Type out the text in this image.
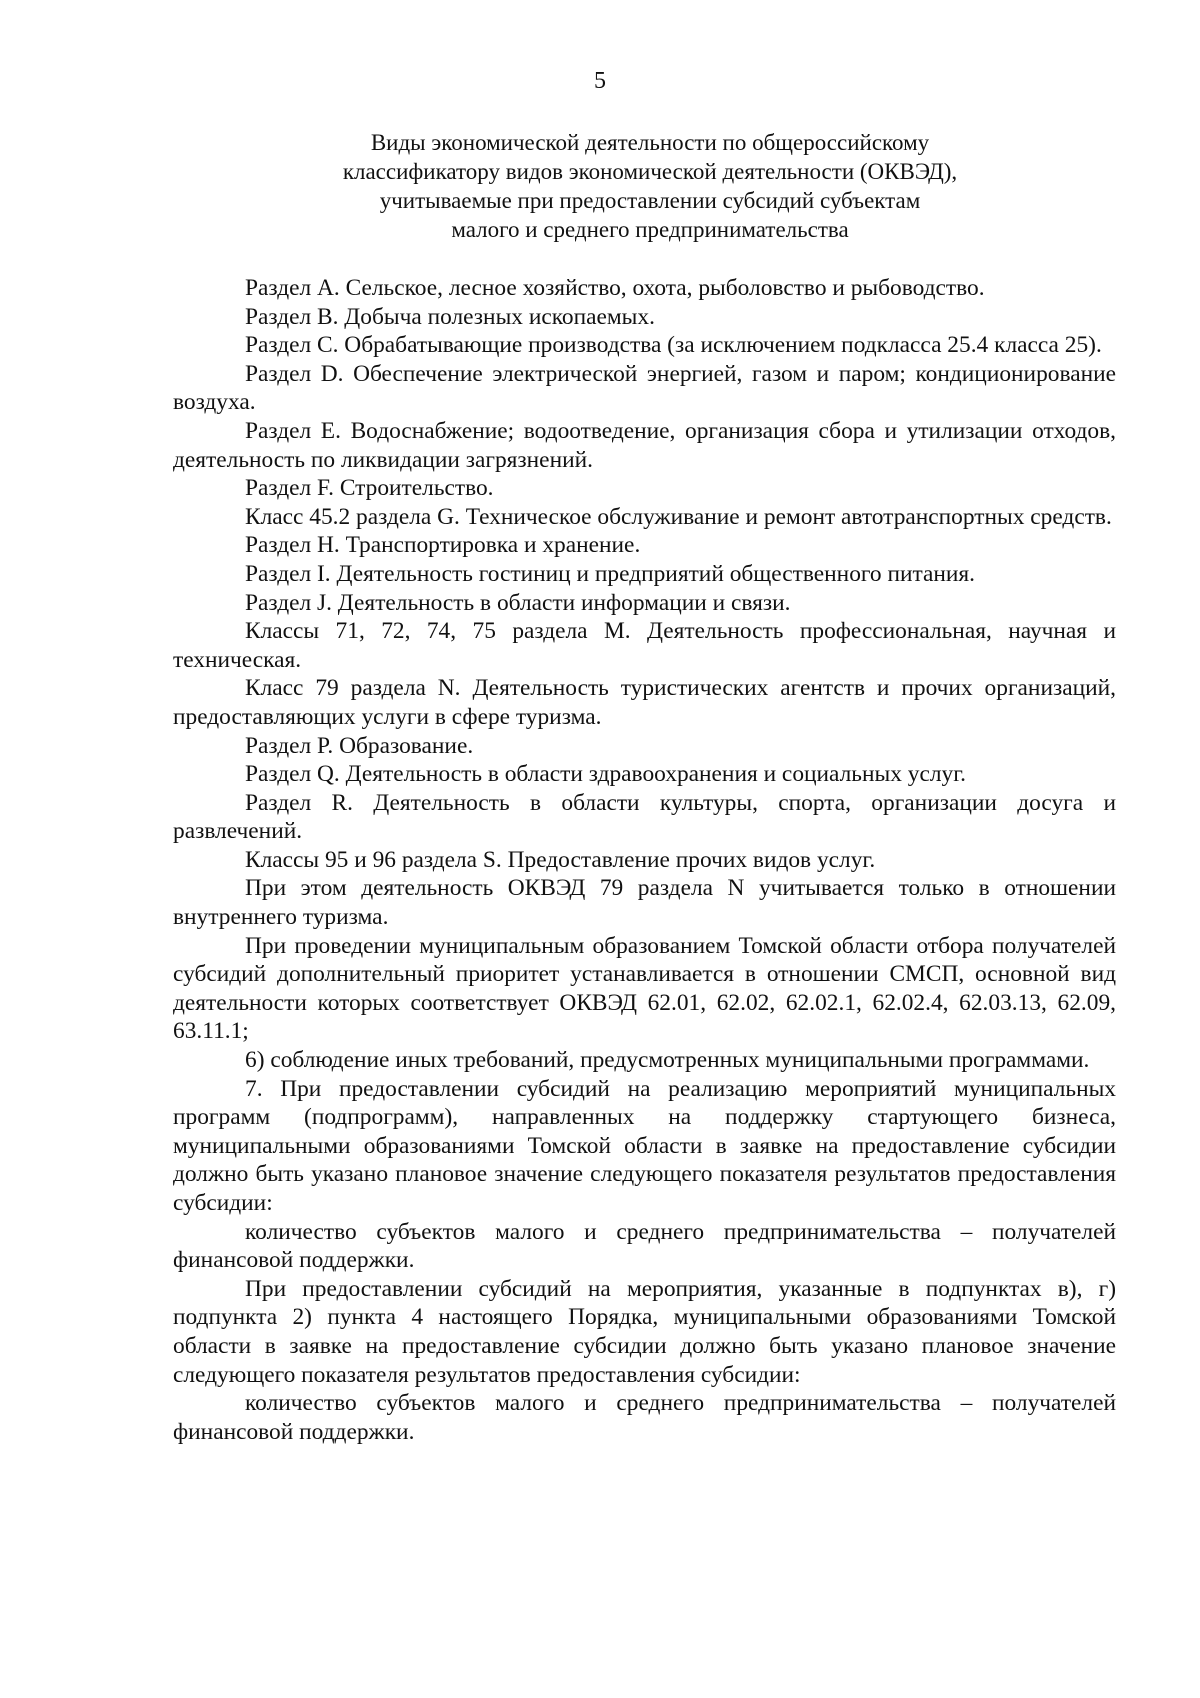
5
Виды экономической деятельности по общероссийскому
классификатору видов экономической деятельности (ОКВЭД),
учитываемые при предоставлении субсидий субъектам
малого и среднего предпринимательства

Раздел А. Сельское, лесное хозяйство, охота, рыболовство и рыбоводство.

Раздел B. Добыча полезных ископаемых.

Раздел C. Обрабатывающие производства (за исключением подкласса 25.4 класса 25).

Раздел D. Обеспечение электрической энергией, газом и паром; кондиционирование воздуха.

Раздел E. Водоснабжение; водоотведение, организация сбора и утилизации отходов, деятельность по ликвидации загрязнений.

Раздел F. Строительство.

Класс 45.2 раздела G. Техническое обслуживание и ремонт автотранспортных средств.

Раздел H. Транспортировка и хранение.

Раздел I. Деятельность гостиниц и предприятий общественного питания.

Раздел J. Деятельность в области информации и связи.

Классы 71, 72, 74, 75 раздела M. Деятельность профессиональная, научная и техническая.

Класс 79 раздела N. Деятельность туристических агентств и прочих организаций, предоставляющих услуги в сфере туризма.

Раздел P. Образование.

Раздел Q. Деятельность в области здравоохранения и социальных услуг.

Раздел R. Деятельность в области культуры, спорта, организации досуга и развлечений.

Классы 95 и 96 раздела S. Предоставление прочих видов услуг.

При этом деятельность ОКВЭД 79 раздела N учитывается только в отношении внутреннего туризма.

При проведении муниципальным образованием Томской области отбора получателей субсидий дополнительный приоритет устанавливается в отношении СМСП, основной вид деятельности которых соответствует ОКВЭД 62.01, 62.02, 62.02.1, 62.02.4, 62.03.13, 62.09, 63.11.1;

6) соблюдение иных требований, предусмотренных муниципальными программами.

7. При предоставлении субсидий на реализацию мероприятий муниципальных программ (подпрограмм), направленных на поддержку стартующего бизнеса, муниципальными образованиями Томской области в заявке на предоставление субсидии должно быть указано плановое значение следующего показателя результатов предоставления субсидии:

количество субъектов малого и среднего предпринимательства – получателей финансовой поддержки.

При предоставлении субсидий на мероприятия, указанные в подпунктах в), г) подпункта 2) пункта 4 настоящего Порядка, муниципальными образованиями Томской области в заявке на предоставление субсидии должно быть указано плановое значение следующего показателя результатов предоставления субсидии:

количество субъектов малого и среднего предпринимательства – получателей финансовой поддержки.
